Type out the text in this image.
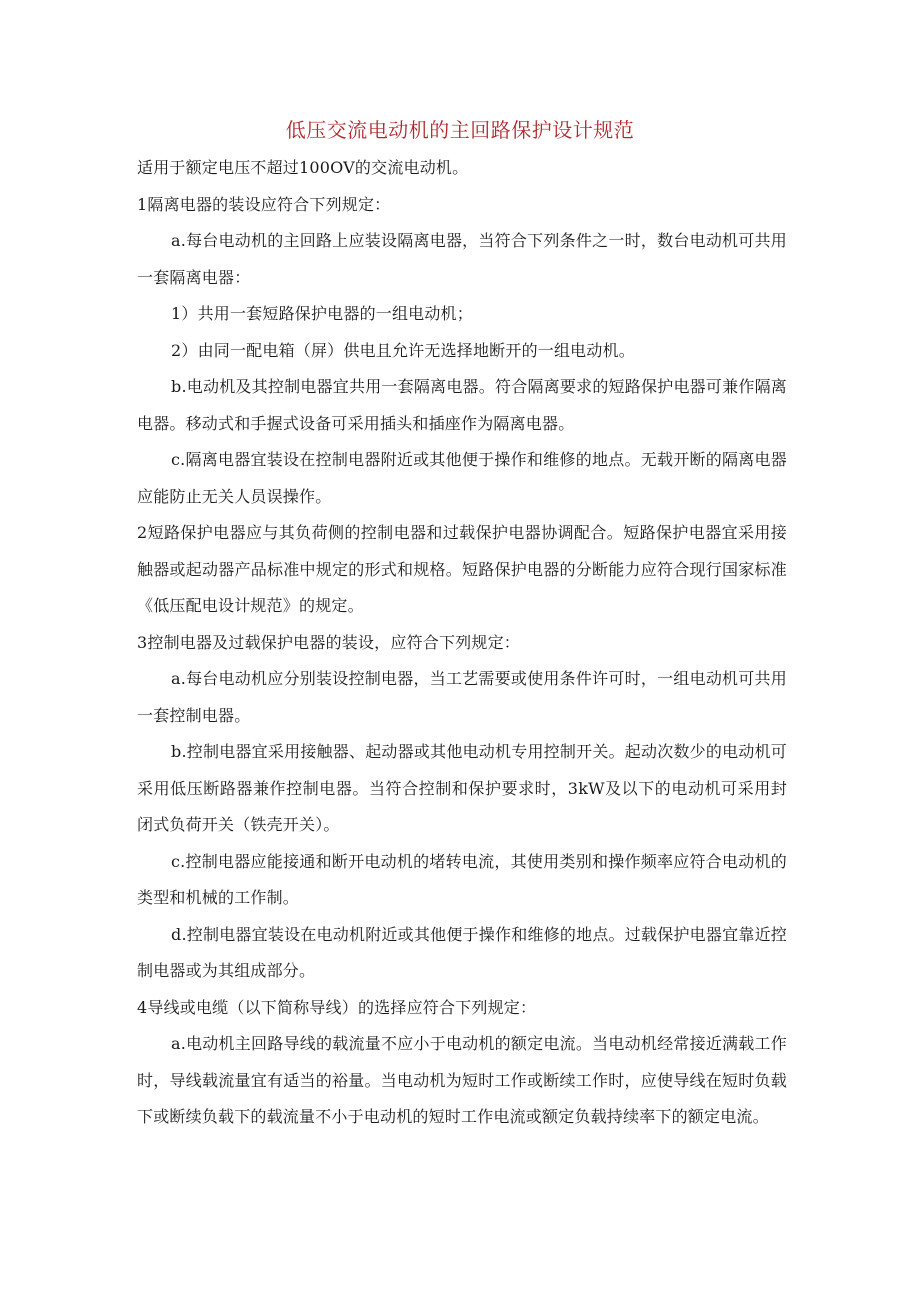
低压交流电动机的主回路保护设计规范

适用于额定电压不超过100OV的交流电动机。

1隔离电器的装设应符合下列规定：

a.每台电动机的主回路上应装设隔离电器，当符合下列条件之一时，数台电动机可共用一套隔离电器：

1）共用一套短路保护电器的一组电动机；

2）由同一配电箱（屏）供电且允许无选择地断开的一组电动机。

b.电动机及其控制电器宜共用一套隔离电器。符合隔离要求的短路保护电器可兼作隔离电器。移动式和手握式设备可采用插头和插座作为隔离电器。

c.隔离电器宜装设在控制电器附近或其他便于操作和维修的地点。无载开断的隔离电器应能防止无关人员误操作。

2短路保护电器应与其负荷侧的控制电器和过载保护电器协调配合。短路保护电器宜采用接触器或起动器产品标准中规定的形式和规格。短路保护电器的分断能力应符合现行国家标准《低压配电设计规范》的规定。

3控制电器及过载保护电器的装设，应符合下列规定：

a.每台电动机应分别装设控制电器，当工艺需要或使用条件许可时，一组电动机可共用一套控制电器。

b.控制电器宜采用接触器、起动器或其他电动机专用控制开关。起动次数少的电动机可采用低压断路器兼作控制电器。当符合控制和保护要求时，3kW及以下的电动机可采用封闭式负荷开关（铁壳开关）。

c.控制电器应能接通和断开电动机的堵转电流，其使用类别和操作频率应符合电动机的类型和机械的工作制。

d.控制电器宜装设在电动机附近或其他便于操作和维修的地点。过载保护电器宜靠近控制电器或为其组成部分。

4导线或电缆（以下简称导线）的选择应符合下列规定：

a.电动机主回路导线的载流量不应小于电动机的额定电流。当电动机经常接近满载工作时，导线载流量宜有适当的裕量。当电动机为短时工作或断续工作时，应使导线在短时负载下或断续负载下的载流量不小于电动机的短时工作电流或额定负载持续率下的额定电流。
